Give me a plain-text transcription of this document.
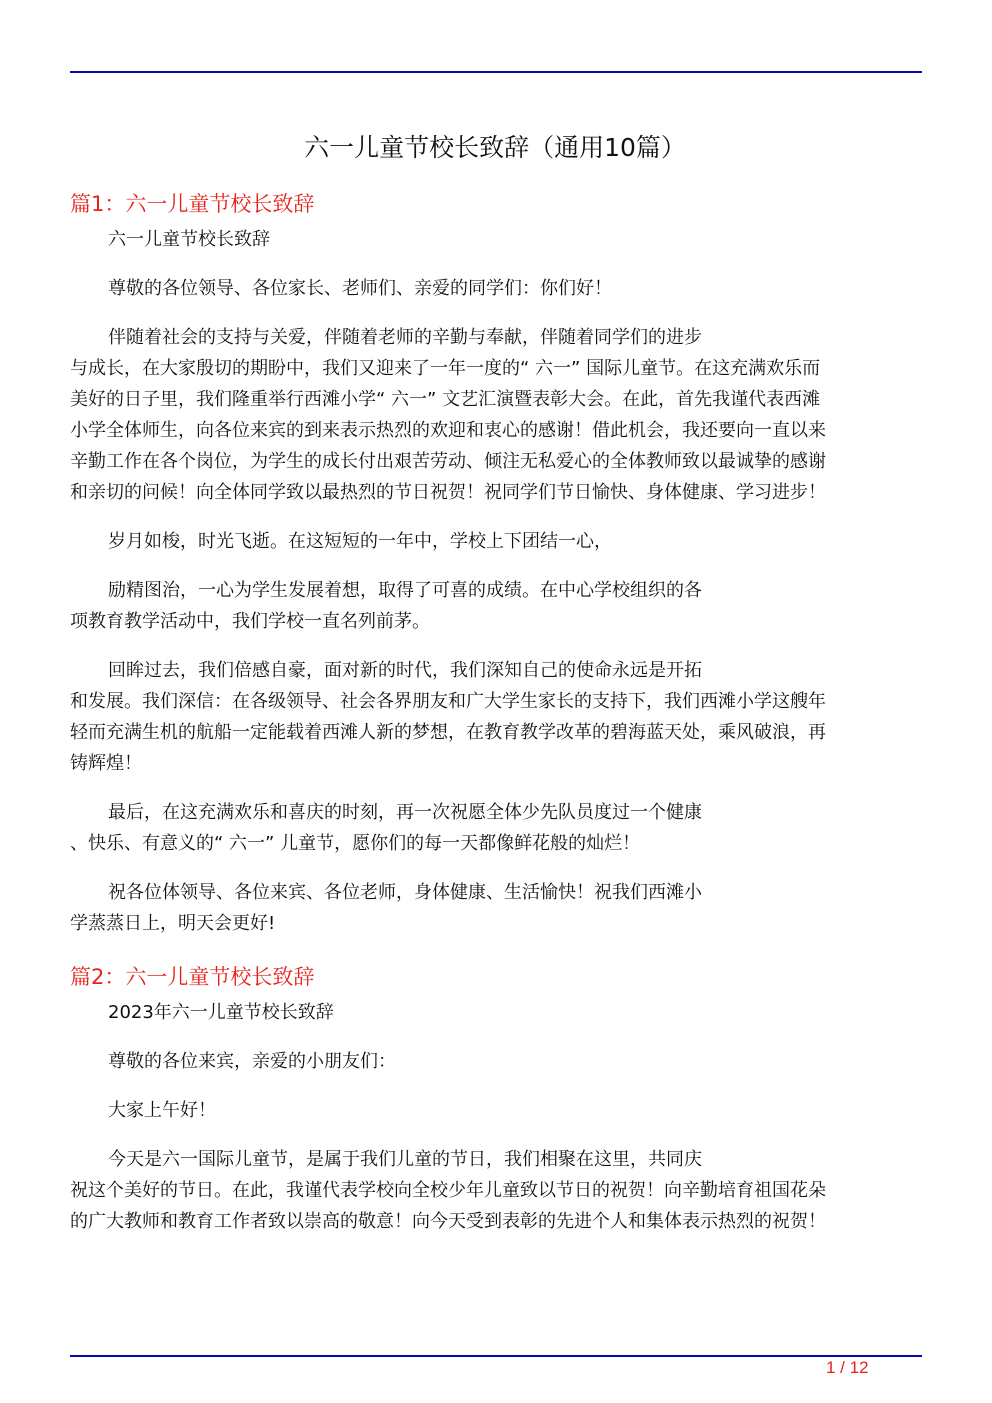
六一儿童节校长致辞（通用10篇）
篇1：六一儿童节校长致辞
六一儿童节校长致辞
尊敬的各位领导、各位家长、老师们、亲爱的同学们：你们好！
伴随着社会的支持与关爱，伴随着老师的辛勤与奉献，伴随着同学们的进步
与成长，在大家殷切的期盼中，我们又迎来了一年一度的“ 六一” 国际儿童节。在这充满欢乐而
美好的日子里，我们隆重举行西滩小学“ 六一” 文艺汇演暨表彰大会。在此，首先我谨代表西滩
小学全体师生，向各位来宾的到来表示热烈的欢迎和衷心的感谢！借此机会，我还要向一直以来
辛勤工作在各个岗位，为学生的成长付出艰苦劳动、倾注无私爱心的全体教师致以最诚挚的感谢
和亲切的问候！向全体同学致以最热烈的节日祝贺！祝同学们节日愉快、身体健康、学习进步！
岁月如梭，时光飞逝。在这短短的一年中，学校上下团结一心，
励精图治，一心为学生发展着想，取得了可喜的成绩。在中心学校组织的各
项教育教学活动中，我们学校一直名列前茅。
回眸过去，我们倍感自豪，面对新的时代，我们深知自己的使命永远是开拓
和发展。我们深信：在各级领导、社会各界朋友和广大学生家长的支持下，我们西滩小学这艘年
轻而充满生机的航船一定能载着西滩人新的梦想，在教育教学改革的碧海蓝天处，乘风破浪，再
铸辉煌！
最后，在这充满欢乐和喜庆的时刻，再一次祝愿全体少先队员度过一个健康
、快乐、有意义的“ 六一” 儿童节，愿你们的每一天都像鲜花般的灿烂！
祝各位体领导、各位来宾、各位老师，身体健康、生活愉快！祝我们西滩小
学蒸蒸日上，明天会更好!
篇2：六一儿童节校长致辞
2023年六一儿童节校长致辞
尊敬的各位来宾，亲爱的小朋友们：
大家上午好！
今天是六一国际儿童节，是属于我们儿童的节日，我们相聚在这里，共同庆
祝这个美好的节日。在此，我谨代表学校向全校少年儿童致以节日的祝贺！向辛勤培育祖国花朵
的广大教师和教育工作者致以崇高的敬意！向今天受到表彰的先进个人和集体表示热烈的祝贺！
1 / 12
